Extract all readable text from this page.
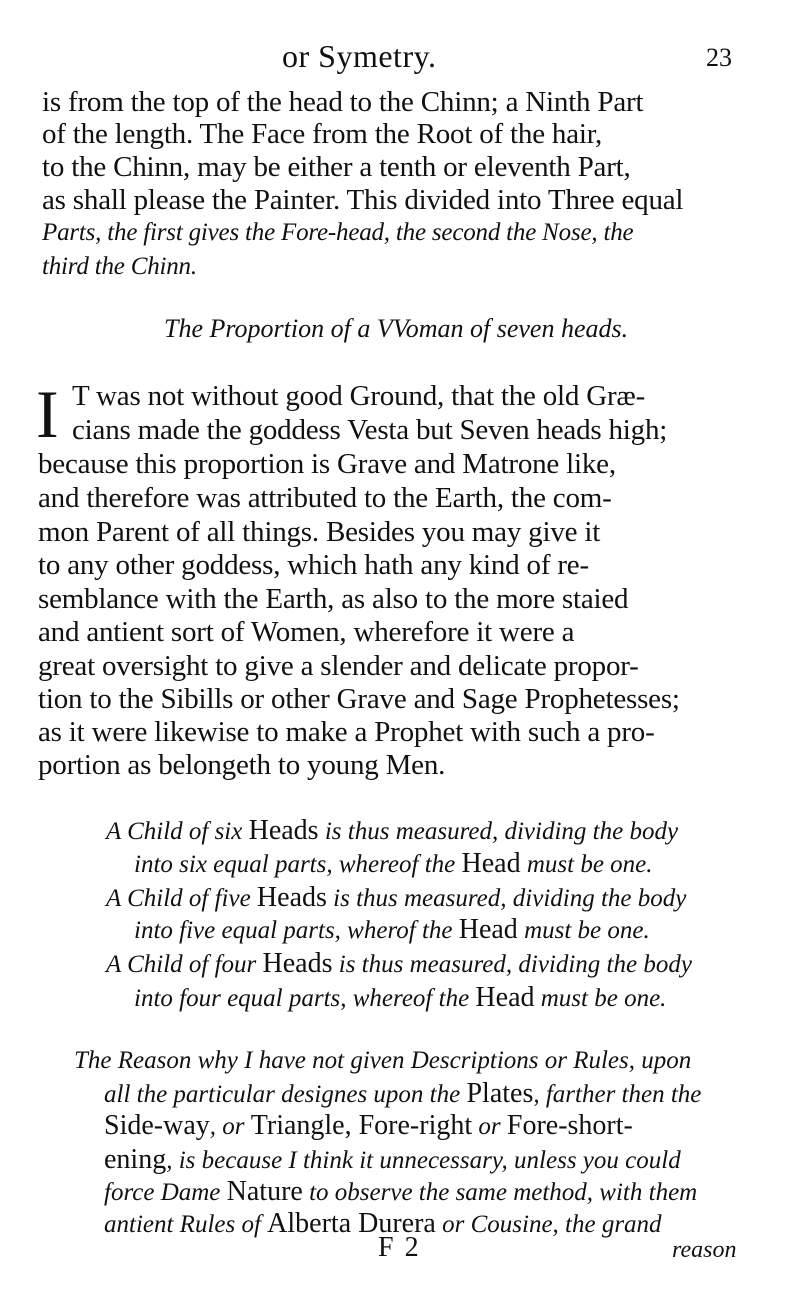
or Symetry.	23
is from the top of the head to the Chinn; a Ninth Part
of the length. The Face from the Root of the hair,
to the Chinn, may be either a tenth or eleventh Part,
as shall please the Painter. This divided into Three equal
Parts, the first gives the Fore-head, the second the Nose, the
third the Chinn.
The Proportion of a VVoman of seven heads.
I T was not without good Ground, that the old Græ-
cians made the goddess Vesta but Seven heads high;
because this proportion is Grave and Matrone like,
and therefore was attributed to the Earth, the com-
mon Parent of all things. Besides you may give it
to any other goddess, which hath any kind of re-
semblance with the Earth, as also to the more staied
and antient sort of Women, wherefore it were a
great oversight to give a slender and delicate propor-
tion to the Sibills or other Grave and Sage Prophetesses;
as it were likewise to make a Prophet with such a pro-
portion as belongeth to young Men.
A Child of six Heads is thus measured, dividing the body
into six equal parts, whereof the Head must be one.
A Child of five Heads is thus measured, dividing the body
into five equal parts, wherof the Head must be one.
A Child of four Heads is thus measured, dividing the body
into four equal parts, whereof the Head must be one.
The Reason why I have not given Descriptions or Rules, upon
all the particular designes upon the Plates, farther then the
Side-way, or Triangle, Fore-right or Fore-short-
ening, is because I think it unnecessary, unless you could
force Dame Nature to observe the same method, with them
antient Rules of Alberta Durera or Cousine, the grand
F 2	reason
